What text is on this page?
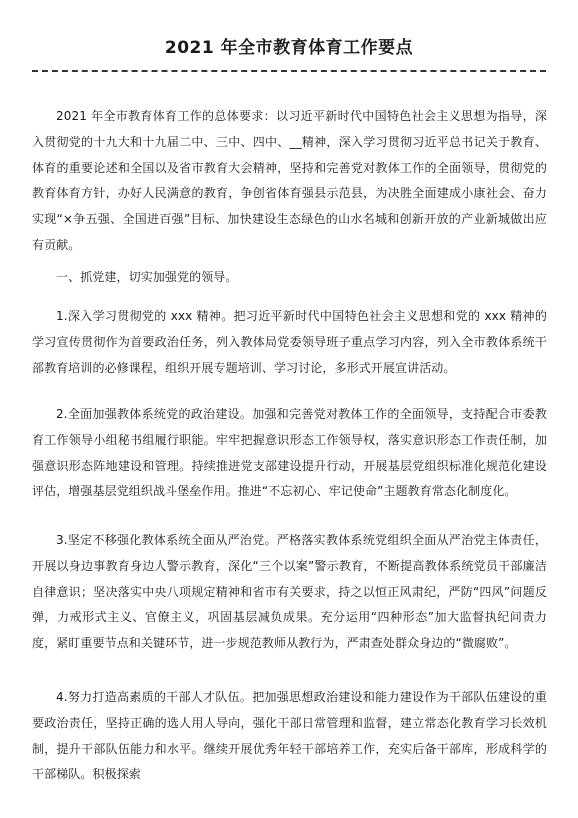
2021 年全市教育体育工作要点

2021 年全市教育体育工作的总体要求：以习近平新时代中国特色社会主义思想为指导，深入贯彻党的十九大和十九届二中、三中、四中、__精神，深入学习贯彻习近平总书记关于教育、体育的重要论述和全国以及省市教育大会精神，坚持和完善党对教体工作的全面领导，贯彻党的教育体育方针，办好人民满意的教育，争创省体育强县示范县，为决胜全面建成小康社会、奋力实现“×争五强、全国进百强”目标、加快建设生态绿色的山水名城和创新开放的产业新城做出应有贡献。

一、抓党建，切实加强党的领导。

1.深入学习贯彻党的 xxx 精神。把习近平新时代中国特色社会主义思想和党的 xxx 精神的学习宣传贯彻作为首要政治任务，列入教体局党委领导班子重点学习内容，列入全市教体系统干部教育培训的必修课程，组织开展专题培训、学习讨论，多形式开展宣讲活动。

2.全面加强教体系统党的政治建设。加强和完善党对教体工作的全面领导，支持配合市委教育工作领导小组秘书组履行职能。牢牢把握意识形态工作领导权，落实意识形态工作责任制，加强意识形态阵地建设和管理。持续推进党支部建设提升行动，开展基层党组织标准化规范化建设评估，增强基层党组织战斗堡垒作用。推进“不忘初心、牢记使命”主题教育常态化制度化。

3.坚定不移强化教体系统全面从严治党。严格落实教体系统党组织全面从严治党主体责任，开展以身边事教育身边人警示教育，深化“三个以案”警示教育，不断提高教体系统党员干部廉洁自律意识；坚决落实中央八项规定精神和省市有关要求，持之以恒正风肃纪，严防“四风”问题反弹，力戒形式主义、官僚主义，巩固基层减负成果。充分运用“四种形态”加大监督执纪问责力度，紧盯重要节点和关键环节，进一步规范教师从教行为，严肃查处群众身边的“微腐败”。

4.努力打造高素质的干部人才队伍。把加强思想政治建设和能力建设作为干部队伍建设的重要政治责任，坚持正确的选人用人导向，强化干部日常管理和监督，建立常态化教育学习长效机制，提升干部队伍能力和水平。继续开展优秀年轻干部培养工作，充实后备干部库，形成科学的干部梯队。积极探索
